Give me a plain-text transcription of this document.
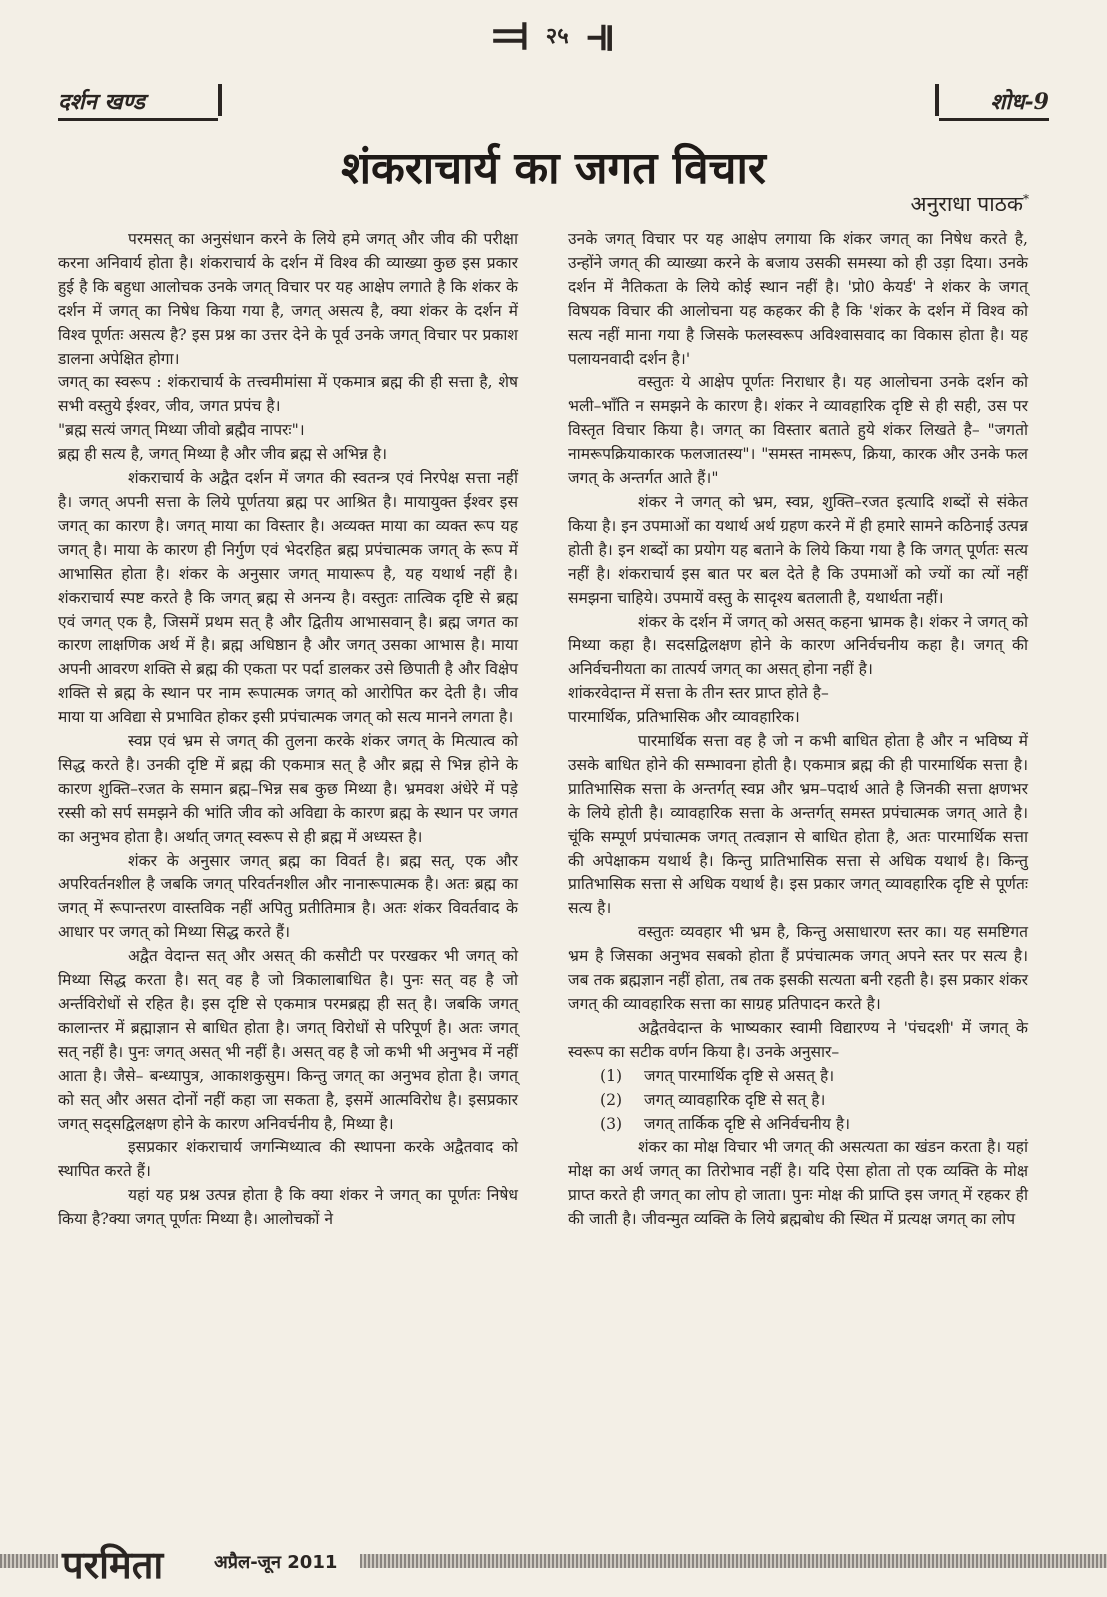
⫤ २५ ⫣
दर्शन खण्ड	शोध-9
शंकराचार्य का जगत विचार
अनुराधा पाठक*

परमसत् का अनुसंधान करने के लिये हमे जगत् और जीव की परीक्षा करना अनिवार्य होता है। शंकराचार्य के दर्शन में विश्व की व्याख्या कुछ इस प्रकार हुई है कि बहुधा आलोचक उनके जगत् विचार पर यह आक्षेप लगाते है कि शंकर के दर्शन में जगत् का निषेध किया गया है, जगत् असत्य है, क्या शंकर के दर्शन में विश्व पूर्णतः असत्य है? इस प्रश्न का उत्तर देने के पूर्व उनके जगत् विचार पर प्रकाश डालना अपेक्षित होगा।

जगत् का स्वरूप : शंकराचार्य के तत्त्वमीमांसा में एकमात्र ब्रह्म की ही सत्ता है, शेष सभी वस्तुये ईश्वर, जीव, जगत प्रपंच है।

"ब्रह्म सत्यं जगत् मिथ्या जीवो ब्रह्मैव नापरः"।

ब्रह्म ही सत्य है, जगत् मिथ्या है और जीव ब्रह्म से अभिन्न है।

शंकराचार्य के अद्वैत दर्शन में जगत की स्वतन्त्र एवं निरपेक्ष सत्ता नहीं है। जगत् अपनी सत्ता के लिये पूर्णतया ब्रह्म पर आश्रित है। मायायुक्त ईश्वर इस जगत् का कारण है। जगत् माया का विस्तार है। अव्यक्त माया का व्यक्त रूप यह जगत् है। माया के कारण ही निर्गुण एवं भेदरहित ब्रह्म प्रपंचात्मक जगत् के रूप में आभासित होता है। शंकर के अनुसार जगत् मायारूप है, यह यथार्थ नहीं है। शंकराचार्य स्पष्ट करते है कि जगत् ब्रह्म से अनन्य है। वस्तुतः तात्विक दृष्टि से ब्रह्म एवं जगत् एक है, जिसमें प्रथम सत् है और द्वितीय आभासवान् है। ब्रह्म जगत का कारण लाक्षणिक अर्थ में है। ब्रह्म अधिष्ठान है और जगत् उसका आभास है। माया अपनी आवरण शक्ति से ब्रह्म की एकता पर पर्दा डालकर उसे छिपाती है और विक्षेप शक्ति से ब्रह्म के स्थान पर नाम रूपात्मक जगत् को आरोपित कर देती है। जीव माया या अविद्या से प्रभावित होकर इसी प्रपंचात्मक जगत् को सत्य मानने लगता है।

स्वप्न एवं भ्रम से जगत् की तुलना करके शंकर जगत् के मित्यात्व को सिद्ध करते है। उनकी दृष्टि में ब्रह्म की एकमात्र सत् है और ब्रह्म से भिन्न होने के कारण शुक्ति–रजत के समान ब्रह्म–भिन्न सब कुछ मिथ्या है। भ्रमवश अंधेरे में पड़े रस्सी को सर्प समझने की भांति जीव को अविद्या के कारण ब्रह्म के स्थान पर जगत का अनुभव होता है। अर्थात् जगत् स्वरूप से ही ब्रह्म में अध्यस्त है।

शंकर के अनुसार जगत् ब्रह्म का विवर्त है। ब्रह्म सत्, एक और अपरिवर्तनशील है जबकि जगत् परिवर्तनशील और नानारूपात्मक है। अतः ब्रह्म का जगत् में रूपान्तरण वास्तविक नहीं अपितु प्रतीतिमात्र है। अतः शंकर विवर्तवाद के आधार पर जगत् को मिथ्या सिद्ध करते हैं।

अद्वैत वेदान्त सत् और असत् की कसौटी पर परखकर भी जगत् को मिथ्या सिद्ध करता है। सत् वह है जो त्रिकालाबाधित है। पुनः सत् वह है जो अर्न्तविरोधों से रहित है। इस दृष्टि से एकमात्र परमब्रह्म ही सत् है। जबकि जगत् कालान्तर में ब्रह्माज्ञान से बाधित होता है। जगत् विरोधों से परिपूर्ण है। अतः जगत् सत् नहीं है। पुनः जगत् असत् भी नहीं है। असत् वह है जो कभी भी अनुभव में नहीं आता है। जैसे– बन्ध्यापुत्र, आकाशकुसुम। किन्तु जगत् का अनुभव होता है। जगत् को सत् और असत दोनों नहीं कहा जा सकता है, इसमें आत्मविरोध है। इसप्रकार जगत् सद्सद्विलक्षण होने के कारण अनिवर्चनीय है, मिथ्या है।

इसप्रकार शंकराचार्य जगन्मिथ्यात्व की स्थापना करके अद्वैतवाद को स्थापित करते हैं।

यहां यह प्रश्न उत्पन्न होता है कि क्या शंकर ने जगत् का पूर्णतः निषेध किया है?क्या जगत् पूर्णतः मिथ्या है। आलोचकों ने

उनके जगत् विचार पर यह आक्षेप लगाया कि शंकर जगत् का निषेध करते है, उन्होंने जगत् की व्याख्या करने के बजाय उसकी समस्या को ही उड़ा दिया। उनके दर्शन में नैतिकता के लिये कोई स्थान नहीं है। 'प्रो0 केयर्ड' ने शंकर के जगत् विषयक विचार की आलोचना यह कहकर की है कि 'शंकर के दर्शन में विश्व को सत्य नहीं माना गया है जिसके फलस्वरूप अविश्वासवाद का विकास होता है। यह पलायनवादी दर्शन है।'

वस्तुतः ये आक्षेप पूर्णतः निराधार है। यह आलोचना उनके दर्शन को भली–भाँति न समझने के कारण है। शंकर ने व्यावहारिक दृष्टि से ही सही, उस पर विस्तृत विचार किया है। जगत् का विस्तार बताते हुये शंकर लिखते है– "जगतो नामरूपक्रियाकारक फलजातस्य"। "समस्त नामरूप, क्रिया, कारक और उनके फल जगत् के अन्तर्गत आते हैं।"

शंकर ने जगत् को भ्रम, स्वप्न, शुक्ति–रजत इत्यादि शब्दों से संकेत किया है। इन उपमाओं का यथार्थ अर्थ ग्रहण करने में ही हमारे सामने कठिनाई उत्पन्न होती है। इन शब्दों का प्रयोग यह बताने के लिये किया गया है कि जगत् पूर्णतः सत्य नहीं है। शंकराचार्य इस बात पर बल देते है कि उपमाओं को ज्यों का त्यों नहीं समझना चाहिये। उपमायें वस्तु के सादृश्य बतलाती है, यथार्थता नहीं।

शंकर के दर्शन में जगत् को असत् कहना भ्रामक है। शंकर ने जगत् को मिथ्या कहा है। सदसद्विलक्षण होने के कारण अनिर्वचनीय कहा है। जगत् की अनिर्वचनीयता का तात्पर्य जगत् का असत् होना नहीं है।

शांकरवेदान्त में सत्ता के तीन स्तर प्राप्त होते है–

पारमार्थिक, प्रतिभासिक और व्यावहारिक।

पारमार्थिक सत्ता वह है जो न कभी बाधित होता है और न भविष्य में उसके बाधित होने की सम्भावना होती है। एकमात्र ब्रह्म की ही पारमार्थिक सत्ता है। प्रातिभासिक सत्ता के अन्तर्गत् स्वप्न और भ्रम–पदार्थ आते है जिनकी सत्ता क्षणभर के लिये होती है। व्यावहारिक सत्ता के अन्तर्गत् समस्त प्रपंचात्मक जगत् आते है। चूंकि सम्पूर्ण प्रपंचात्मक जगत् तत्वज्ञान से बाधित होता है, अतः पारमार्थिक सत्ता की अपेक्षाकम यथार्थ है। किन्तु प्रातिभासिक सत्ता से अधिक यथार्थ है। किन्तु प्रातिभासिक सत्ता से अधिक यथार्थ है। इस प्रकार जगत् व्यावहारिक दृष्टि से पूर्णतः सत्य है।

वस्तुतः व्यवहार भी भ्रम है, किन्तु असाधारण स्तर का। यह समष्टिगत भ्रम है जिसका अनुभव सबको होता हैं प्रपंचात्मक जगत् अपने स्तर पर सत्य है। जब तक ब्रह्मज्ञान नहीं होता, तब तक इसकी सत्यता बनी रहती है। इस प्रकार शंकर जगत् की व्यावहारिक सत्ता का साग्रह प्रतिपादन करते है।

अद्वैतवेदान्त के भाष्यकार स्वामी विद्यारण्य ने 'पंचदशी' में जगत् के स्वरूप का सटीक वर्णन किया है। उनके अनुसार–

(1)	जगत् पारमार्थिक दृष्टि से असत् है।
(2)	जगत् व्यावहारिक दृष्टि से सत् है।
(3)	जगत् तार्किक दृष्टि से अनिर्वचनीय है।

शंकर का मोक्ष विचार भी जगत् की असत्यता का खंडन करता है। यहां मोक्ष का अर्थ जगत् का तिरोभाव नहीं है। यदि ऐसा होता तो एक व्यक्ति के मोक्ष प्राप्त करते ही जगत् का लोप हो जाता। पुनः मोक्ष की प्राप्ति इस जगत् में रहकर ही की जाती है। जीवन्मुत व्यक्ति के लिये ब्रह्मबोध की स्थित में प्रत्यक्ष जगत् का लोप

परमिता	अप्रैल-जून 2011
